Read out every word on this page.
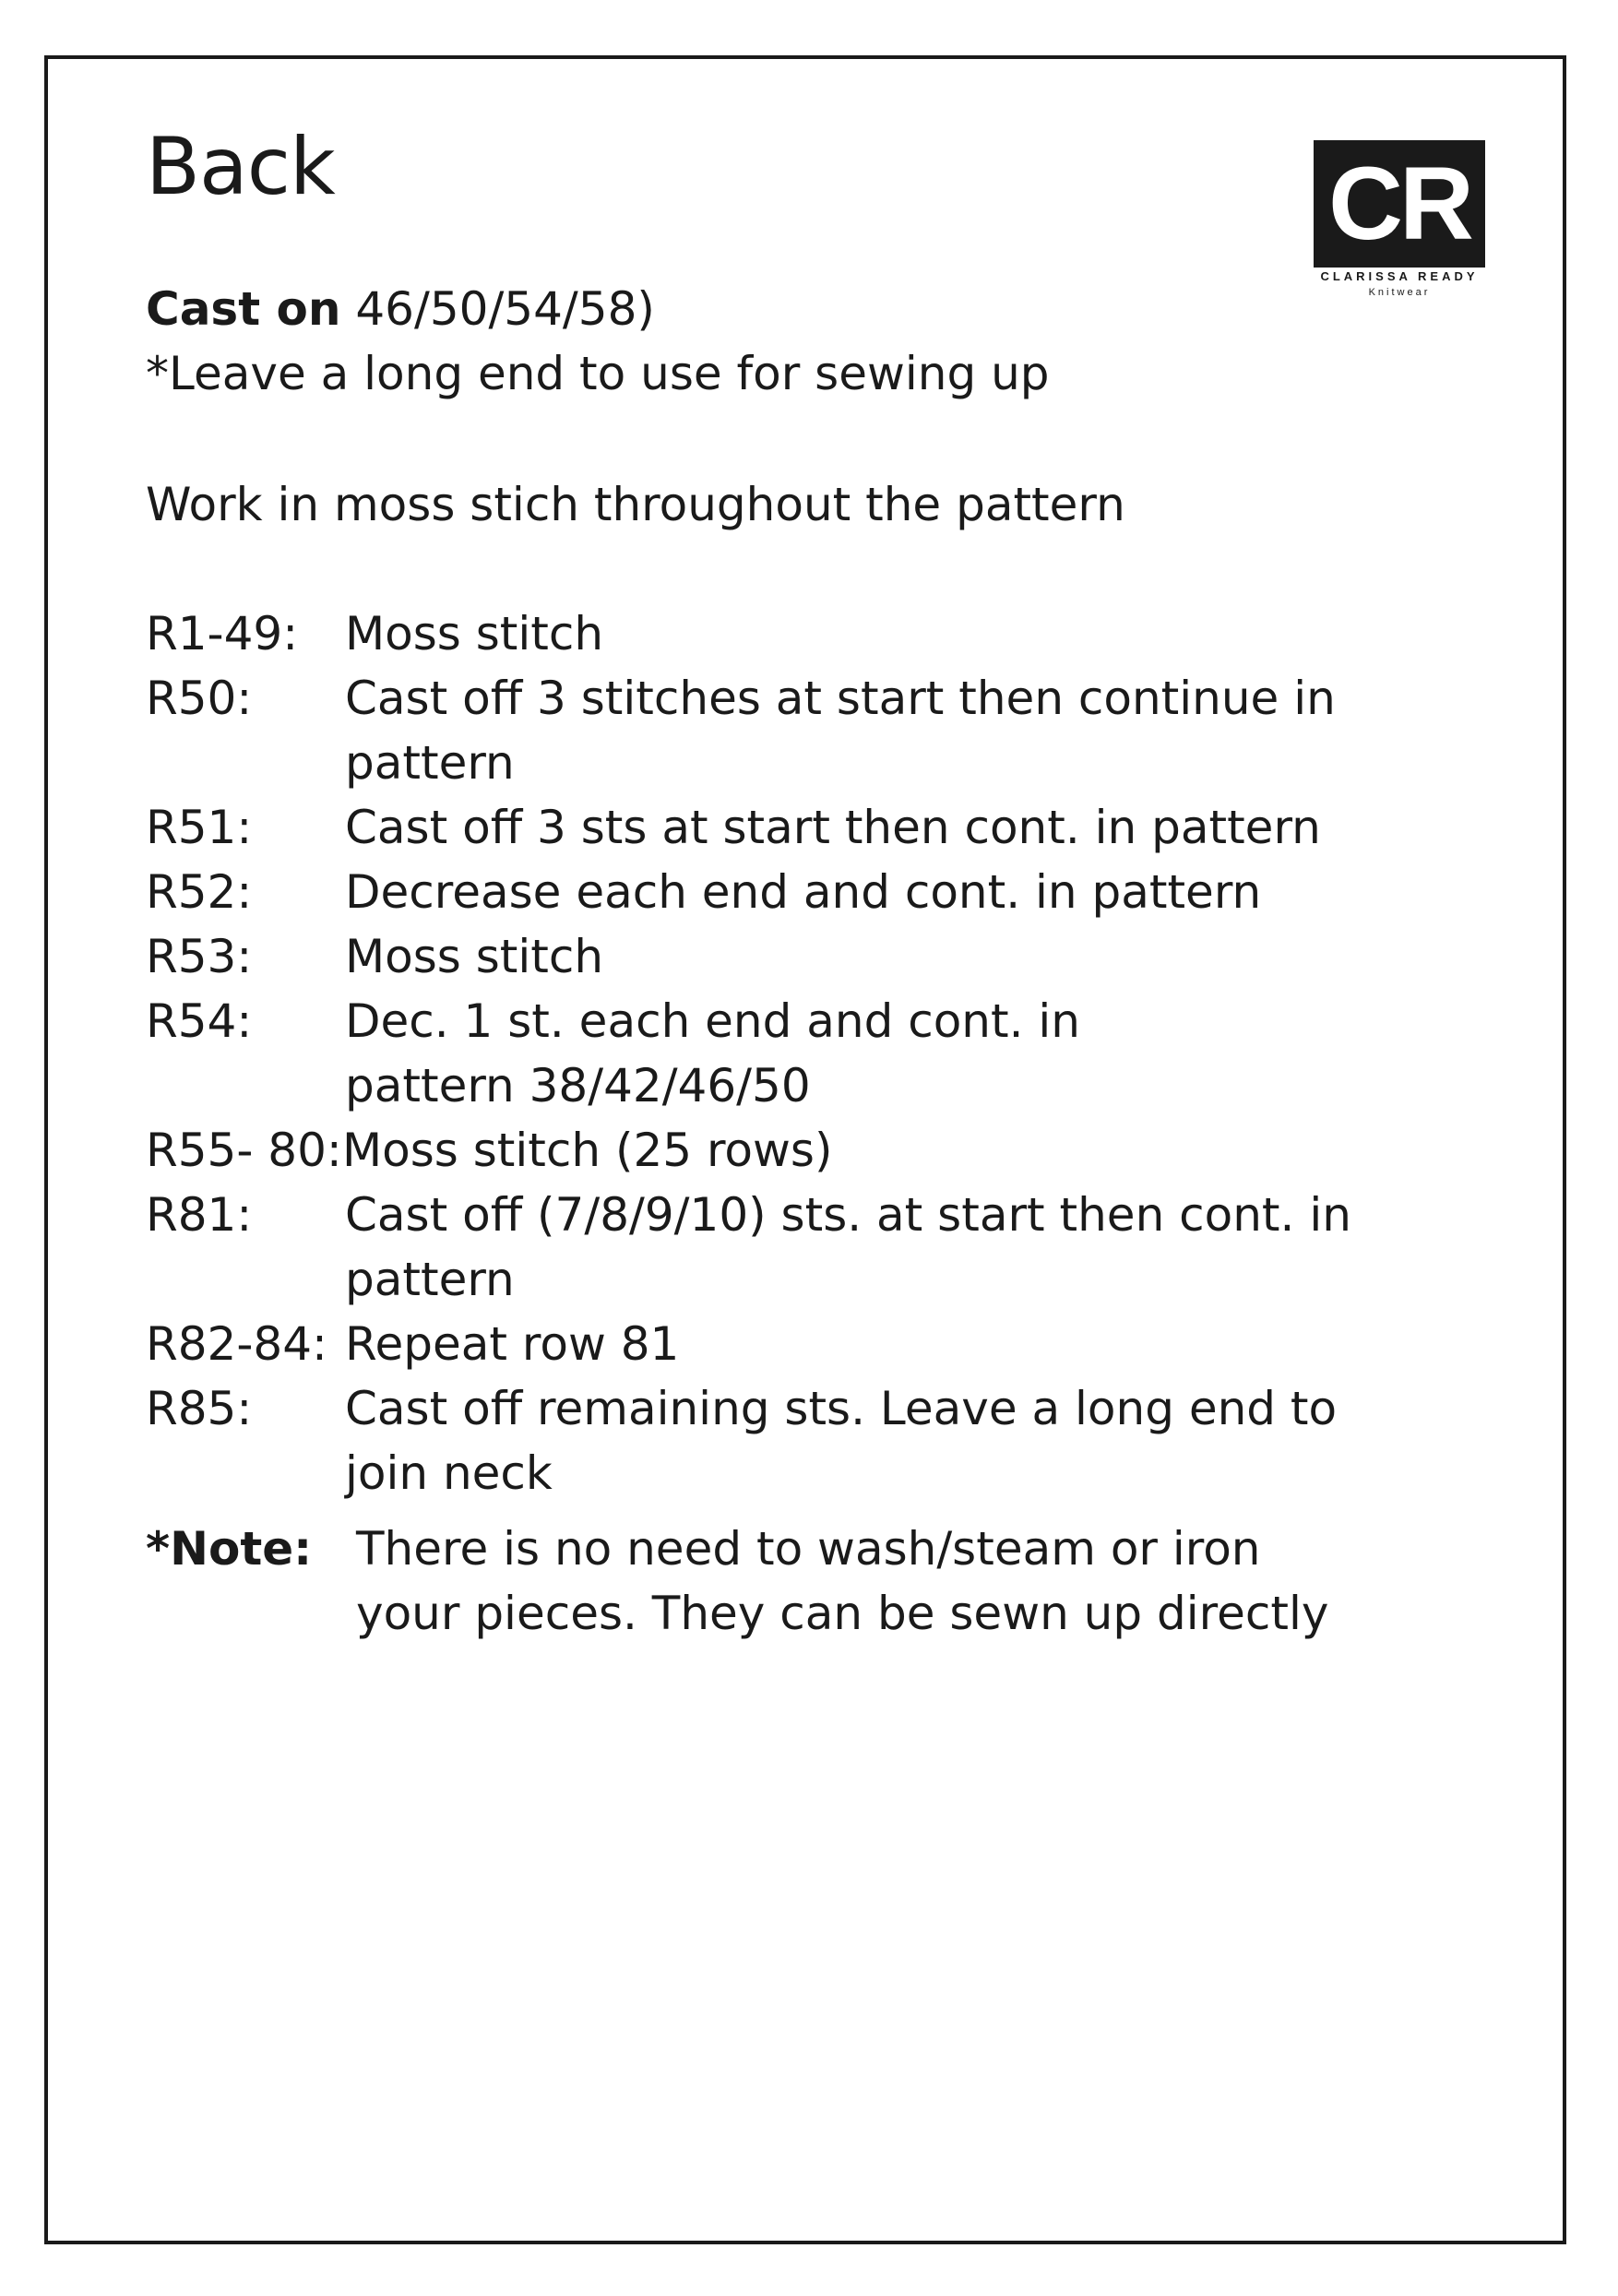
Back	CR
CLARISSA READY
Knitwear
Cast on 46/50/54/58)
*Leave a long end to use for sewing up
Work in moss stich throughout the pattern
R1-49: Moss stitch
R50: Cast off 3 stitches at start then continue in pattern
R51: Cast off 3 sts at start then cont. in pattern
R52: Decrease each end and cont. in pattern
R53: Moss stitch
R54: Dec. 1 st. each end and cont. in pattern 38/42/46/50
R55- 80: Moss stitch (25 rows)
R81: Cast off (7/8/9/10) sts. at start then cont. in pattern
R82-84: Repeat row 81
R85: Cast off remaining sts. Leave a long end to join neck
*Note: There is no need to wash/steam or iron your pieces. They can be sewn up directly
